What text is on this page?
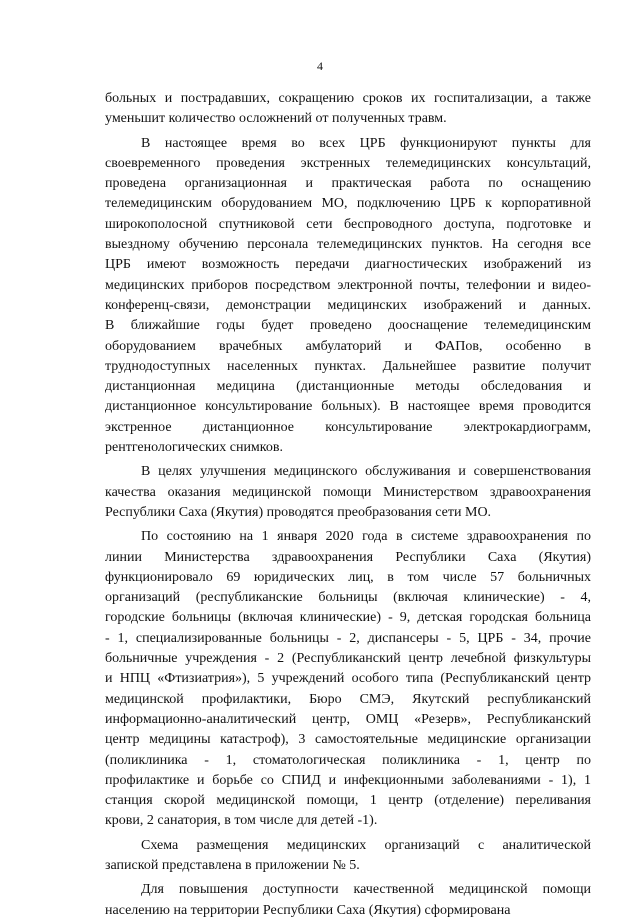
4
больных и пострадавших, сокращению сроков их госпитализации, а также
уменьшит количество осложнений от полученных травм.
В настоящее время во всех ЦРБ функционируют пункты для
своевременного проведения экстренных телемедицинских консультаций,
проведена организационная и практическая работа по оснащению
телемедицинским оборудованием МО, подключению ЦРБ к корпоративной
широкополосной спутниковой сети беспроводного доступа, подготовке и
выездному обучению персонала телемедицинских пунктов. На сегодня все
ЦРБ имеют возможность передачи диагностических изображений из
медицинских приборов посредством электронной почты, телефонии и видео-
конференц-связи, демонстрации медицинских изображений и данных.
В ближайшие годы будет проведено дооснащение телемедицинским
оборудованием врачебных амбулаторий и ФАПов, особенно в
труднодоступных населенных пунктах. Дальнейшее развитие получит
дистанционная медицина (дистанционные методы обследования и
дистанционное консультирование больных). В настоящее время проводится
экстренное дистанционное консультирование электрокардиограмм,
рентгенологических снимков.
В целях улучшения медицинского обслуживания и совершенствования
качества оказания медицинской помощи Министерством здравоохранения
Республики Саха (Якутия) проводятся преобразования сети МО.
По состоянию на 1 января 2020 года в системе здравоохранения по
линии Министерства здравоохранения Республики Саха (Якутия)
функционировало 69 юридических лиц, в том числе 57 больничных
организаций (республиканские больницы (включая клинические) - 4,
городские больницы (включая клинические) - 9, детская городская больница
- 1, специализированные больницы - 2, диспансеры - 5, ЦРБ - 34, прочие
больничные учреждения - 2 (Республиканский центр лечебной физкультуры
и НПЦ «Фтизиатрия»), 5 учреждений особого типа (Республиканский центр
медицинской профилактики, Бюро СМЭ, Якутский республиканский
информационно-аналитический центр, ОМЦ «Резерв», Республиканский
центр медицины катастроф), 3 самостоятельные медицинские организации
(поликлиника - 1, стоматологическая поликлиника - 1, центр по
профилактике и борьбе со СПИД и инфекционными заболеваниями - 1), 1
станция скорой медицинской помощи, 1 центр (отделение) переливания
крови, 2 санатория, в том числе для детей -1).
Схема размещения медицинских организаций с аналитической
запиской представлена в приложении № 5.
Для повышения доступности качественной медицинской помощи
населению на территории Республики Саха (Якутия) сформирована
